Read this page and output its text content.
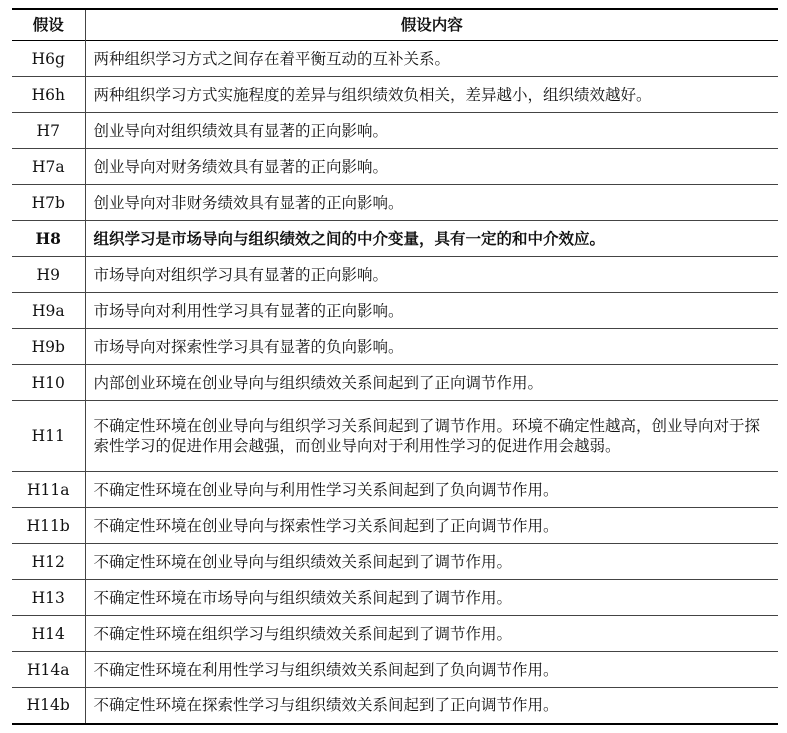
假设	假设内容
H6g	两种组织学习方式之间存在着平衡互动的互补关系。
H6h	两种组织学习方式实施程度的差异与组织绩效负相关，差异越小，组织绩效越好。
H7	创业导向对组织绩效具有显著的正向影响。
H7a	创业导向对财务绩效具有显著的正向影响。
H7b	创业导向对非财务绩效具有显著的正向影响。
H8	组织学习是市场导向与组织绩效之间的中介变量，具有一定的和中介效应。
H9	市场导向对组织学习具有显著的正向影响。
H9a	市场导向对利用性学习具有显著的正向影响。
H9b	市场导向对探索性学习具有显著的负向影响。
H10	内部创业环境在创业导向与组织绩效关系间起到了正向调节作用。
H11	不确定性环境在创业导向与组织学习关系间起到了调节作用。环境不确定性越高，创业导向对于探索性学习的促进作用会越强，而创业导向对于利用性学习的促进作用会越弱。
H11a	不确定性环境在创业导向与利用性学习关系间起到了负向调节作用。
H11b	不确定性环境在创业导向与探索性学习关系间起到了正向调节作用。
H12	不确定性环境在创业导向与组织绩效关系间起到了调节作用。
H13	不确定性环境在市场导向与组织绩效关系间起到了调节作用。
H14	不确定性环境在组织学习与组织绩效关系间起到了调节作用。
H14a	不确定性环境在利用性学习与组织绩效关系间起到了负向调节作用。
H14b	不确定性环境在探索性学习与组织绩效关系间起到了正向调节作用。
